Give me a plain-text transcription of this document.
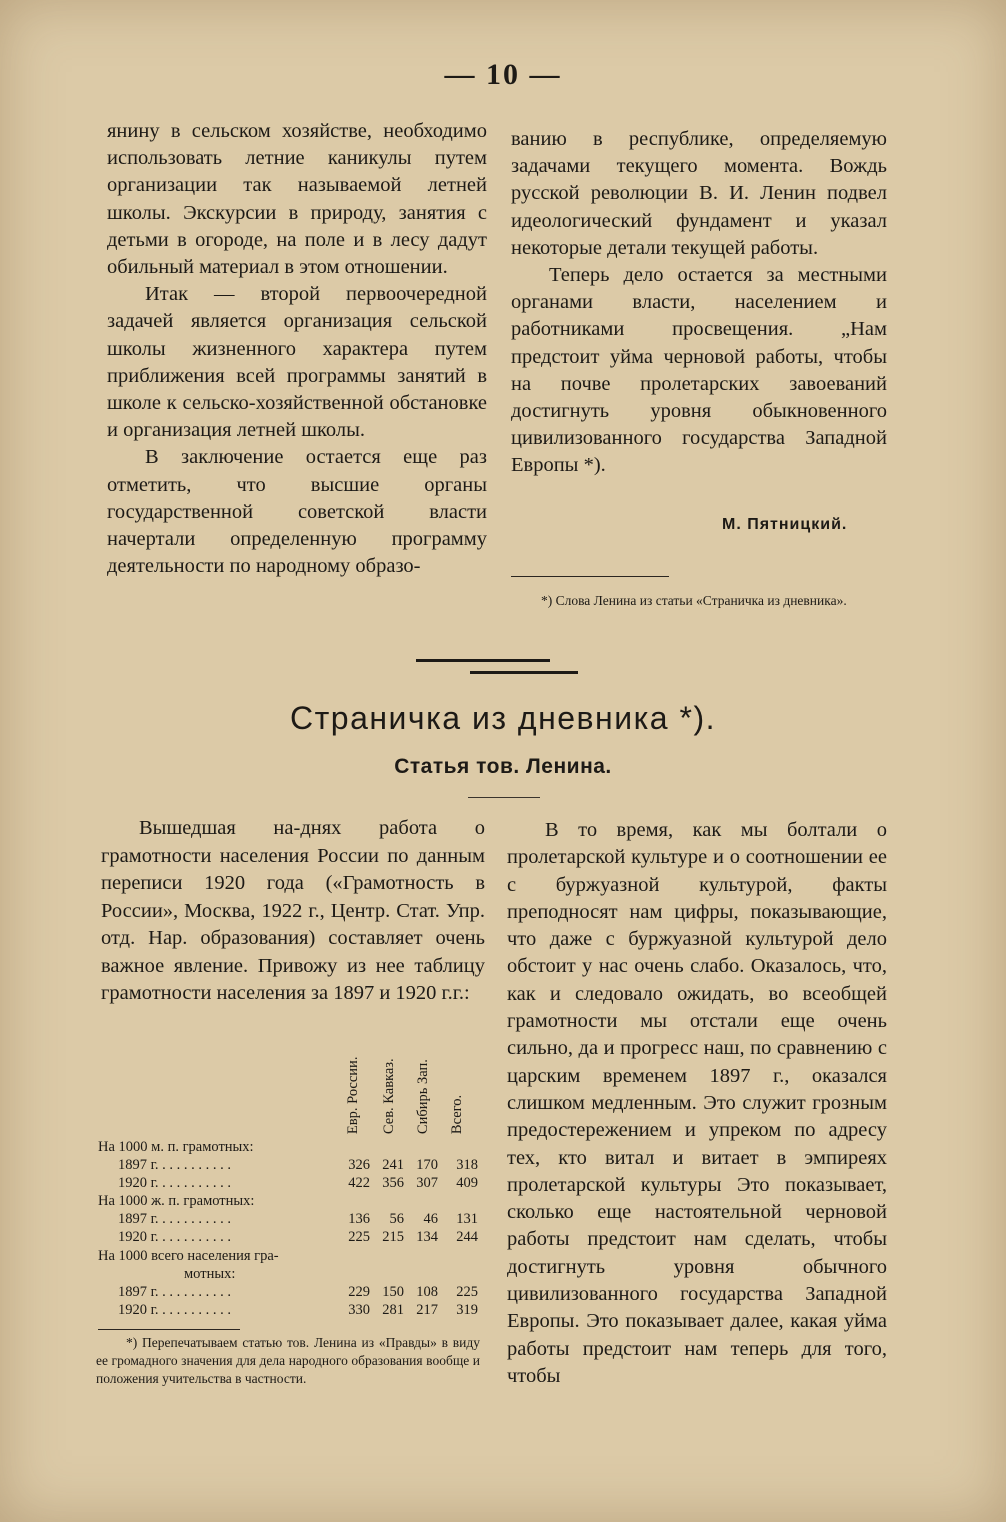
— 10 —

янину в сельском хозяйстве, необходимо использовать летние каникулы путем организации так называемой летней школы. Экскурсии в природу, занятия с детьми в огороде, на поле и в лесу дадут обильный материал в этом отношении.

Итак — второй первоочередной задачей является организация сельской школы жизненного характера путем приближения всей программы занятий в школе к сельско-хозяйственной обстановке и организация летней школы.

В заключение остается еще раз отметить, что высшие органы государственной советской власти начертали определенную программу деятельности по народному образо-

ванию в республике, определяемую задачами текущего момента. Вождь русской революции В. И. Ленин подвел идеологический фундамент и указал некоторые детали текущей работы.

Теперь дело остается за местными органами власти, населением и работниками просвещения. „Нам предстоит уйма черновой работы, чтобы на почве пролетарских завоеваний достигнуть уровня обыкновенного цивилизованного государства Западной Европы *).

М. Пятницкий.
*) Слова Ленина из статьи «Страничка из дневника».
Страничка из дневника *).
Статья тов. Ленина.

Вышедшая на-днях работа о грамотности населения России по данным переписи 1920 года («Грамотность в России», Москва, 1922 г., Центр. Стат. Упр. отд. Нар. образования) составляет очень важное явление. Привожу из нее таблицу грамотности населения за 1897 и 1920 г.г.:

Евр. России. Сев. Кавказ. Сибирь Зап. Всего.
На 1000 м. п. грамотных:
1897 г. . . . . . . . . . .	326 241 170	318
1920 г. . . . . . . . . . .	422 356 307	409
На 1000 ж. п. грамотных:
1897 г. . . . . . . . . . .	136	56	46	131
1920 г. . . . . . . . . . .	225 215 134	244
На 1000 всего населения гра-
мотных:
1897 г. . . . . . . . . . .	229 150 108	225
1920 г. . . . . . . . . . .	330 281 217	319
*) Перепечатываем статью тов. Ленина из «Правды» в виду ее громадного значения для дела народного образования вообще и положения учительства в частности.

В то время, как мы болтали о пролетарской культуре и о соотношении ее с буржуазной культурой, факты преподносят нам цифры, показывающие, что даже с буржуазной культурой дело обстоит у нас очень слабо. Оказалось, что, как и следовало ожидать, во всеобщей грамотности мы отстали еще очень сильно, да и прогресс наш, по сравнению с царским временем 1897 г., оказался слишком медленным. Это служит грозным предостережением и упреком по адресу тех, кто витал и витает в эмпиреях пролетарской культуры Это показывает, сколько еще настоятельной черновой работы предстоит нам сделать, чтобы достигнуть уровня обычного цивилизованного государства Западной Европы. Это показывает далее, какая уйма работы предстоит нам теперь для того, чтобы
